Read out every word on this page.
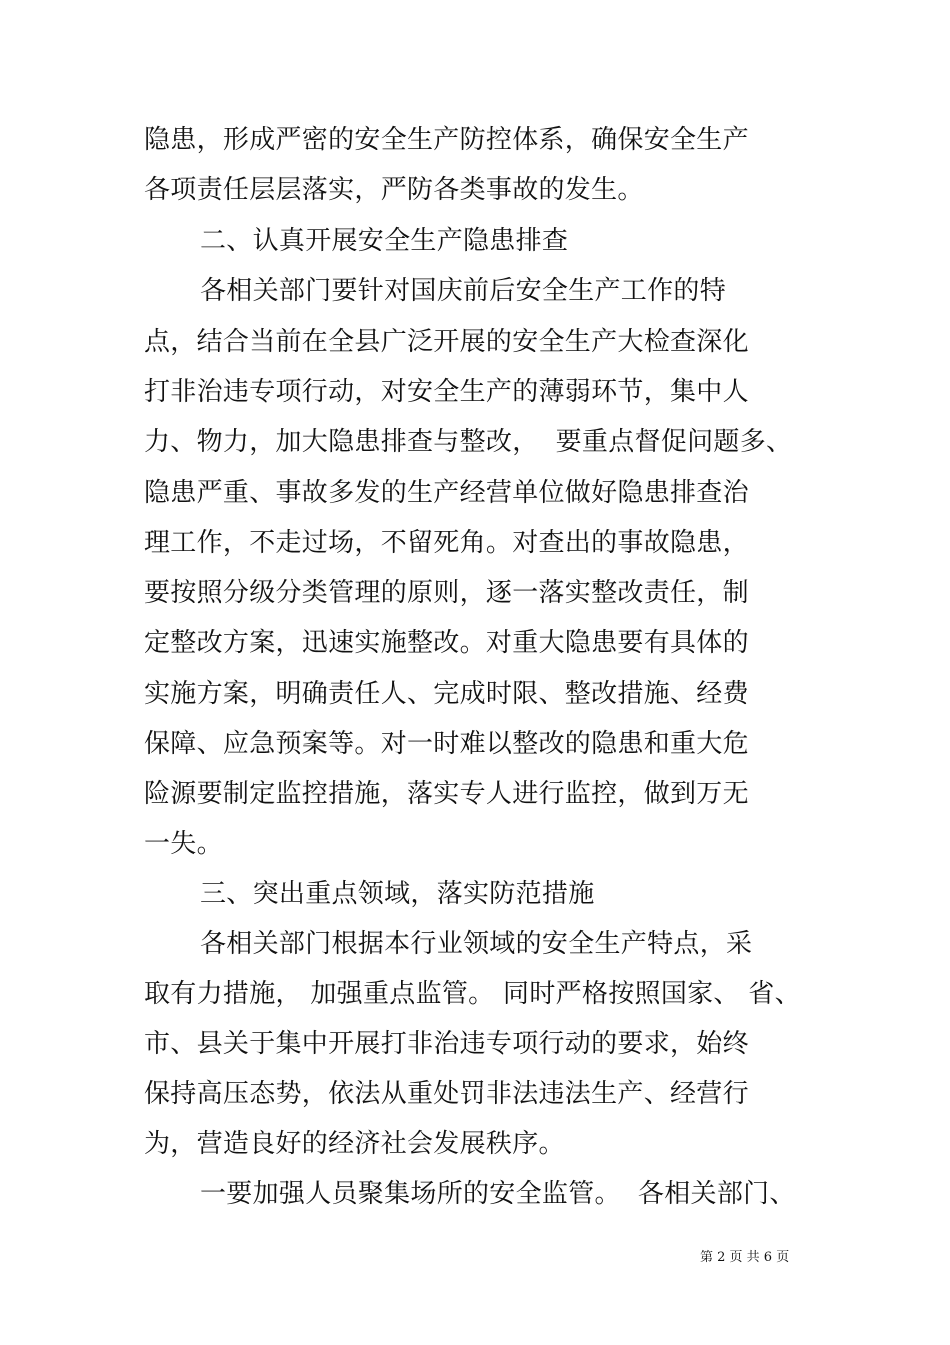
隐患，形成严密的安全生产防控体系，确保安全生产
各项责任层层落实，严防各类事故的发生。
二、认真开展安全生产隐患排查
各相关部门要针对国庆前后安全生产工作的特
点，结合当前在全县广泛开展的安全生产大检查深化
打非治违专项行动，对安全生产的薄弱环节，集中人
力、物力，加大隐患排查与整改，  要重点督促问题多、
隐患严重、事故多发的生产经营单位做好隐患排查治
理工作，不走过场，不留死角。对查出的事故隐患，
要按照分级分类管理的原则，逐一落实整改责任，制
定整改方案，迅速实施整改。对重大隐患要有具体的
实施方案，明确责任人、完成时限、整改措施、经费
保障、应急预案等。对一时难以整改的隐患和重大危
险源要制定监控措施，落实专人进行监控，做到万无
一失。
三、突出重点领域，落实防范措施
各相关部门根据本行业领域的安全生产特点，采
取有力措施， 加强重点监管。 同时严格按照国家、 省、
市、县关于集中开展打非治违专项行动的要求，始终
保持高压态势，依法从重处罚非法违法生产、经营行
为，营造良好的经济社会发展秩序。
一要加强人员聚集场所的安全监管。  各相关部门、
第 2 页 共 6 页
